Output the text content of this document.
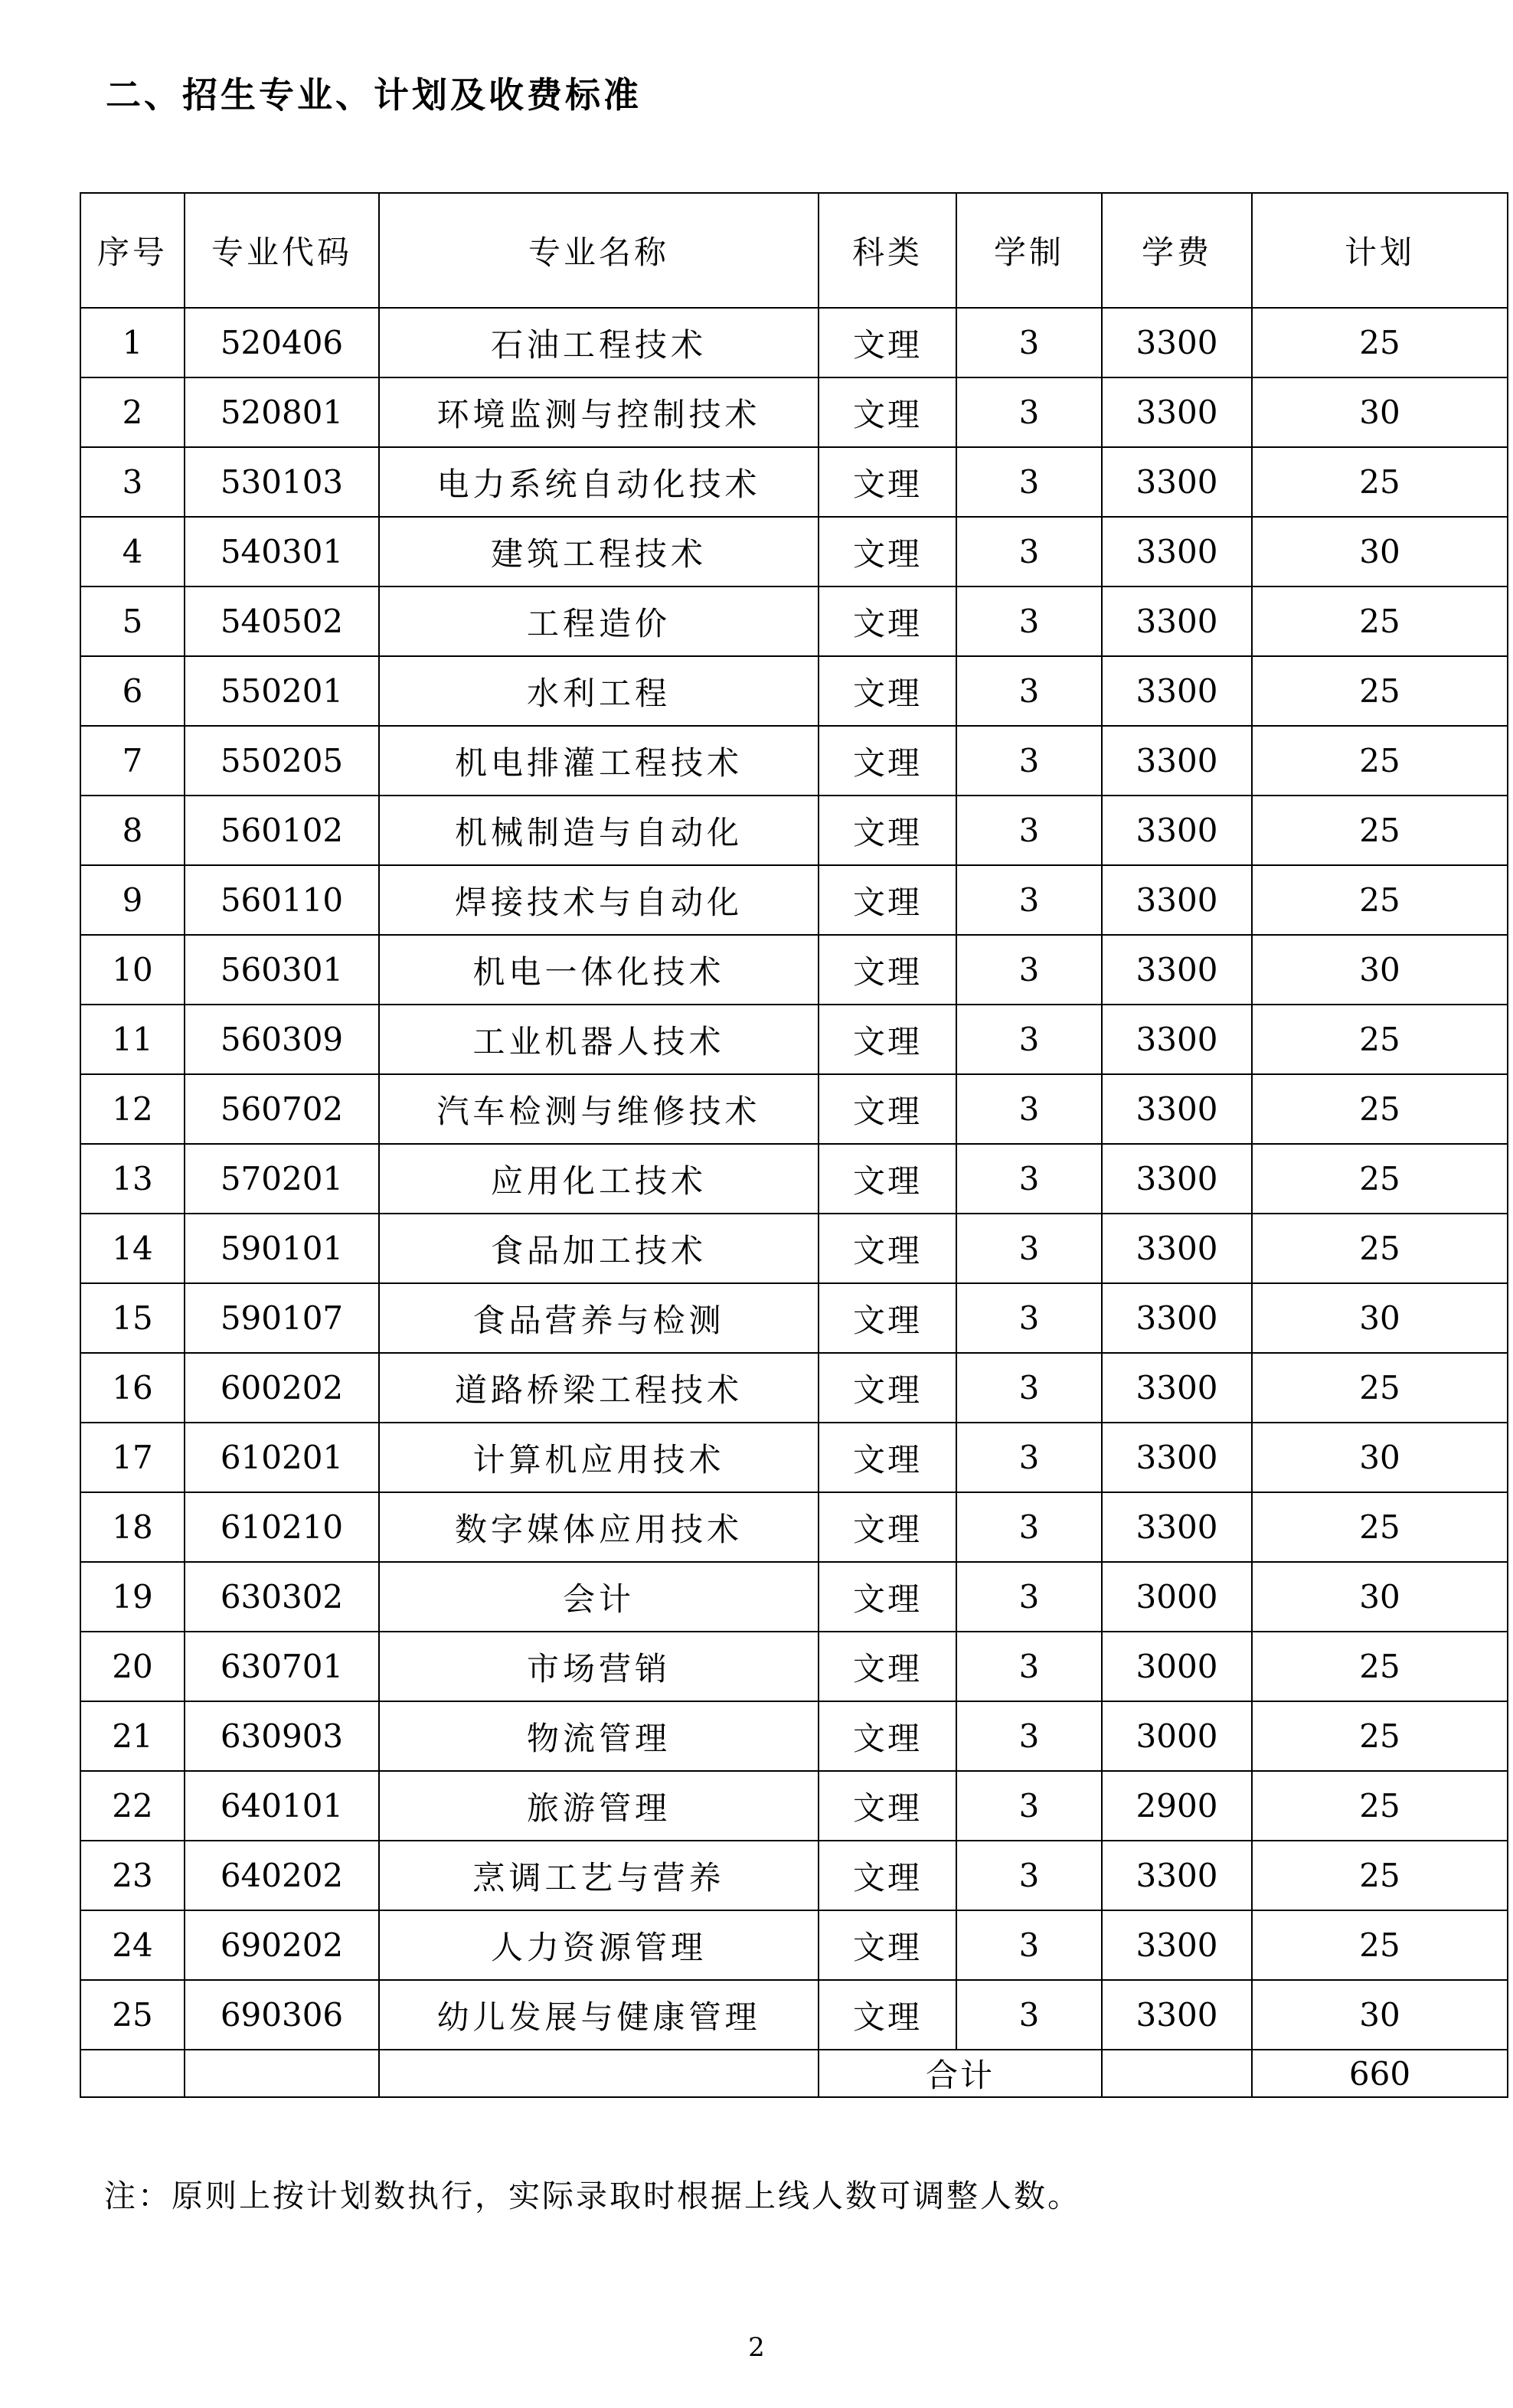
二、招生专业、计划及收费标准
序号	专业代码	专业名称	科类	学制	学费	计划
1	520406	石油工程技术	文理	3	3300	25
2	520801	环境监测与控制技术	文理	3	3300	30
3	530103	电力系统自动化技术	文理	3	3300	25
4	540301	建筑工程技术	文理	3	3300	30
5	540502	工程造价	文理	3	3300	25
6	550201	水利工程	文理	3	3300	25
7	550205	机电排灌工程技术	文理	3	3300	25
8	560102	机械制造与自动化	文理	3	3300	25
9	560110	焊接技术与自动化	文理	3	3300	25
10	560301	机电一体化技术	文理	3	3300	30
11	560309	工业机器人技术	文理	3	3300	25
12	560702	汽车检测与维修技术	文理	3	3300	25
13	570201	应用化工技术	文理	3	3300	25
14	590101	食品加工技术	文理	3	3300	25
15	590107	食品营养与检测	文理	3	3300	30
16	600202	道路桥梁工程技术	文理	3	3300	25
17	610201	计算机应用技术	文理	3	3300	30
18	610210	数字媒体应用技术	文理	3	3300	25
19	630302	会计	文理	3	3000	30
20	630701	市场营销	文理	3	3000	25
21	630903	物流管理	文理	3	3000	25
22	640101	旅游管理	文理	3	2900	25
23	640202	烹调工艺与营养	文理	3	3300	25
24	690202	人力资源管理	文理	3	3300	25
25	690306	幼儿发展与健康管理	文理	3	3300	30
			合计			660

注：原则上按计划数执行，实际录取时根据上线人数可调整人数。

2
